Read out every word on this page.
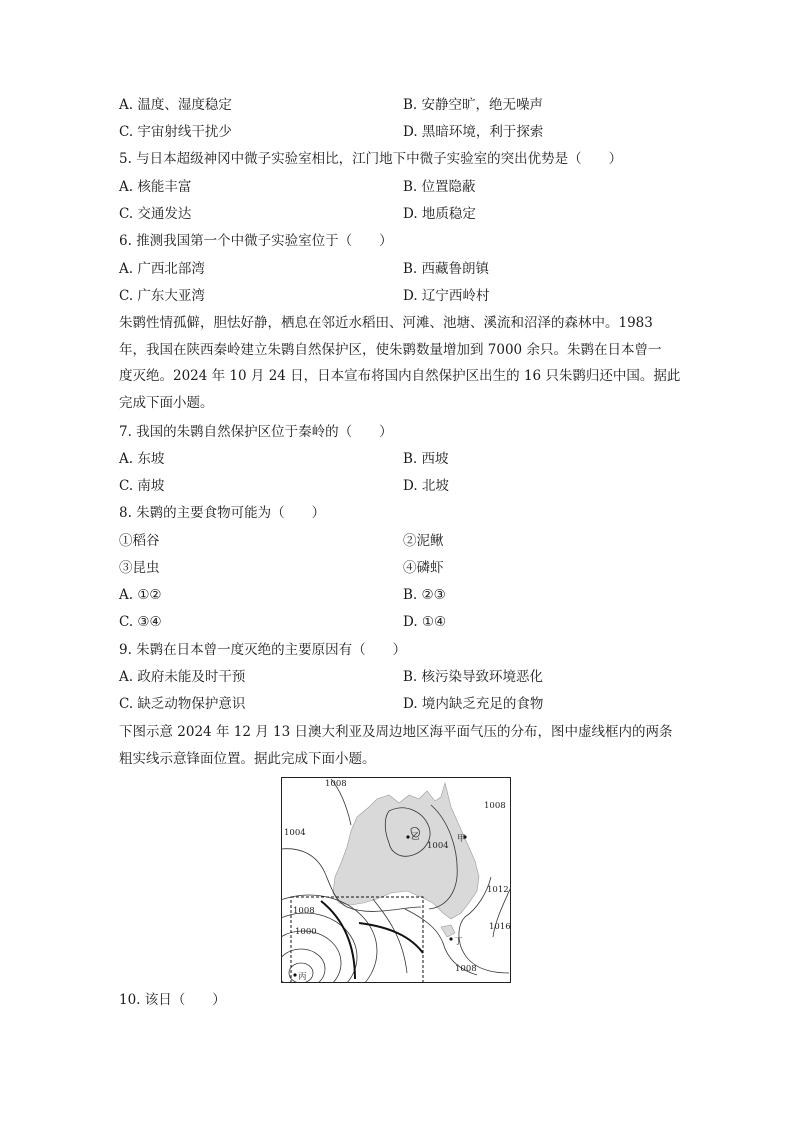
A. 温度、湿度稳定	B. 安静空旷，绝无噪声
C. 宇宙射线干扰少	D. 黑暗环境，利于探索
5. 与日本超级神冈中微子实验室相比，江门地下中微子实验室的突出优势是（　　）
A. 核能丰富	B. 位置隐蔽
C. 交通发达	D. 地质稳定
6. 推测我国第一个中微子实验室位于（　　）
A. 广西北部湾	B. 西藏鲁朗镇
C. 广东大亚湾	D. 辽宁西岭村
朱鹮性情孤僻，胆怯好静，栖息在邻近水稻田、河滩、池塘、溪流和沼泽的森林中。1983
年，我国在陕西秦岭建立朱鹮自然保护区，使朱鹮数量增加到 7000 余只。朱鹮在日本曾一
度灭绝。2024 年 10 月 24 日，日本宣布将国内自然保护区出生的 16 只朱鹮归还中国。据此
完成下面小题。
7. 我国的朱鹮自然保护区位于秦岭的（　　）
A. 东坡	B. 西坡
C. 南坡	D. 北坡
8. 朱鹮的主要食物可能为（　　）
①稻谷	②泥鳅
③昆虫	④磷虾
A. ①②	B. ②③
C. ③④	D. ①④
9. 朱鹮在日本曾一度灭绝的主要原因有（　　）
A. 政府未能及时干预	B. 核污染导致环境恶化
C. 缺乏动物保护意识	D. 境内缺乏充足的食物
下图示意 2024 年 12 月 13 日澳大利亚及周边地区海平面气压的分布，图中虚线框内的两条
粗实线示意锋面位置。据此完成下面小题。
1008
1008
1004	乙	甲
1004
1012
1016
1008
1000
丁
1008
丙
10. 该日（　　）
